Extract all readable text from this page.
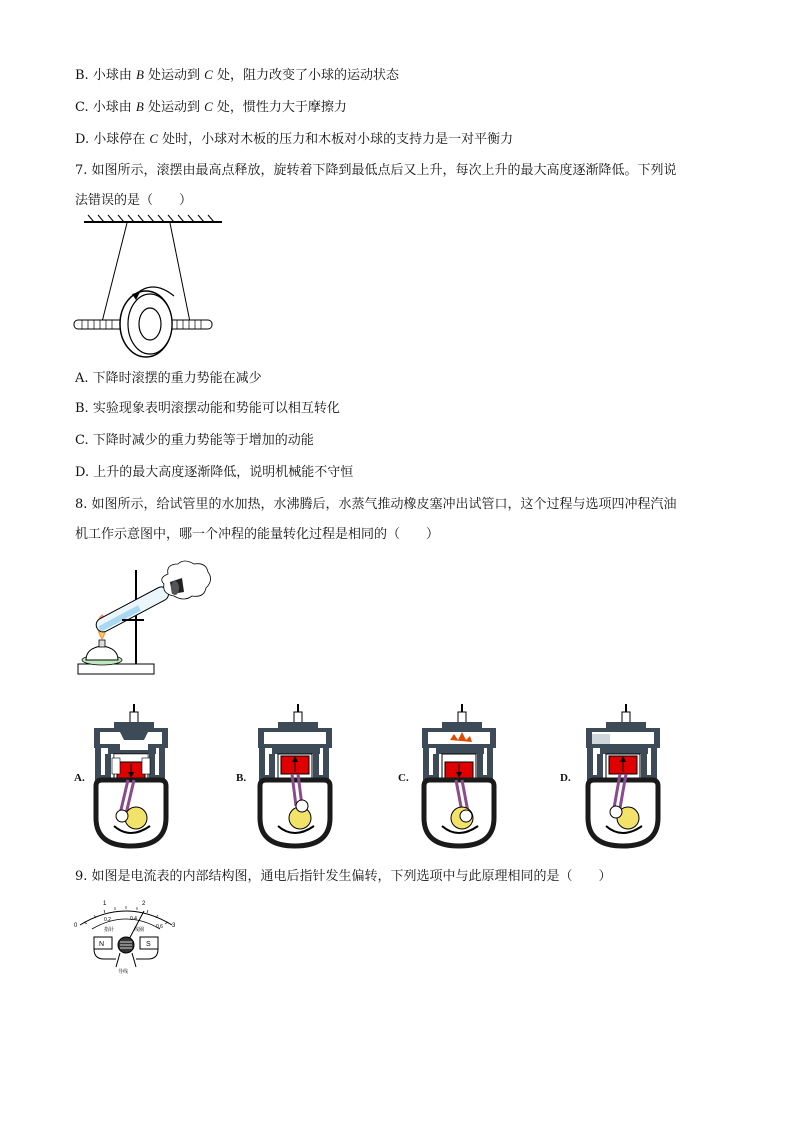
B. 小球由 B 处运动到 C 处，阻力改变了小球的运动状态
C. 小球由 B 处运动到 C 处，惯性力大于摩擦力
D. 小球停在 C 处时，小球对木板的压力和木板对小球的支持力是一对平衡力
7. 如图所示，滚摆由最高点释放，旋转着下降到最低点后又上升，每次上升的最大高度逐渐降低。下列说
法错误的是（　　）
A. 下降时滚摆的重力势能在减少
B. 实验现象表明滚摆动能和势能可以相互转化
C. 下降时减少的重力势能等于增加的动能
D. 上升的最大高度逐渐降低，说明机械能不守恒
8. 如图所示，给试管里的水加热，水沸腾后，水蒸气推动橡皮塞冲出试管口，这个过程与选项四冲程汽油
机工作示意图中，哪一个冲程的能量转化过程是相同的（　　）
A.	B.	C.	D.
9. 如图是电流表的内部结构图，通电后指针发生偏转，下列选项中与此原理相同的是（　　）
0
1	2
3
0.2	0.4
0.6
指针	线圈
N	S
导线
